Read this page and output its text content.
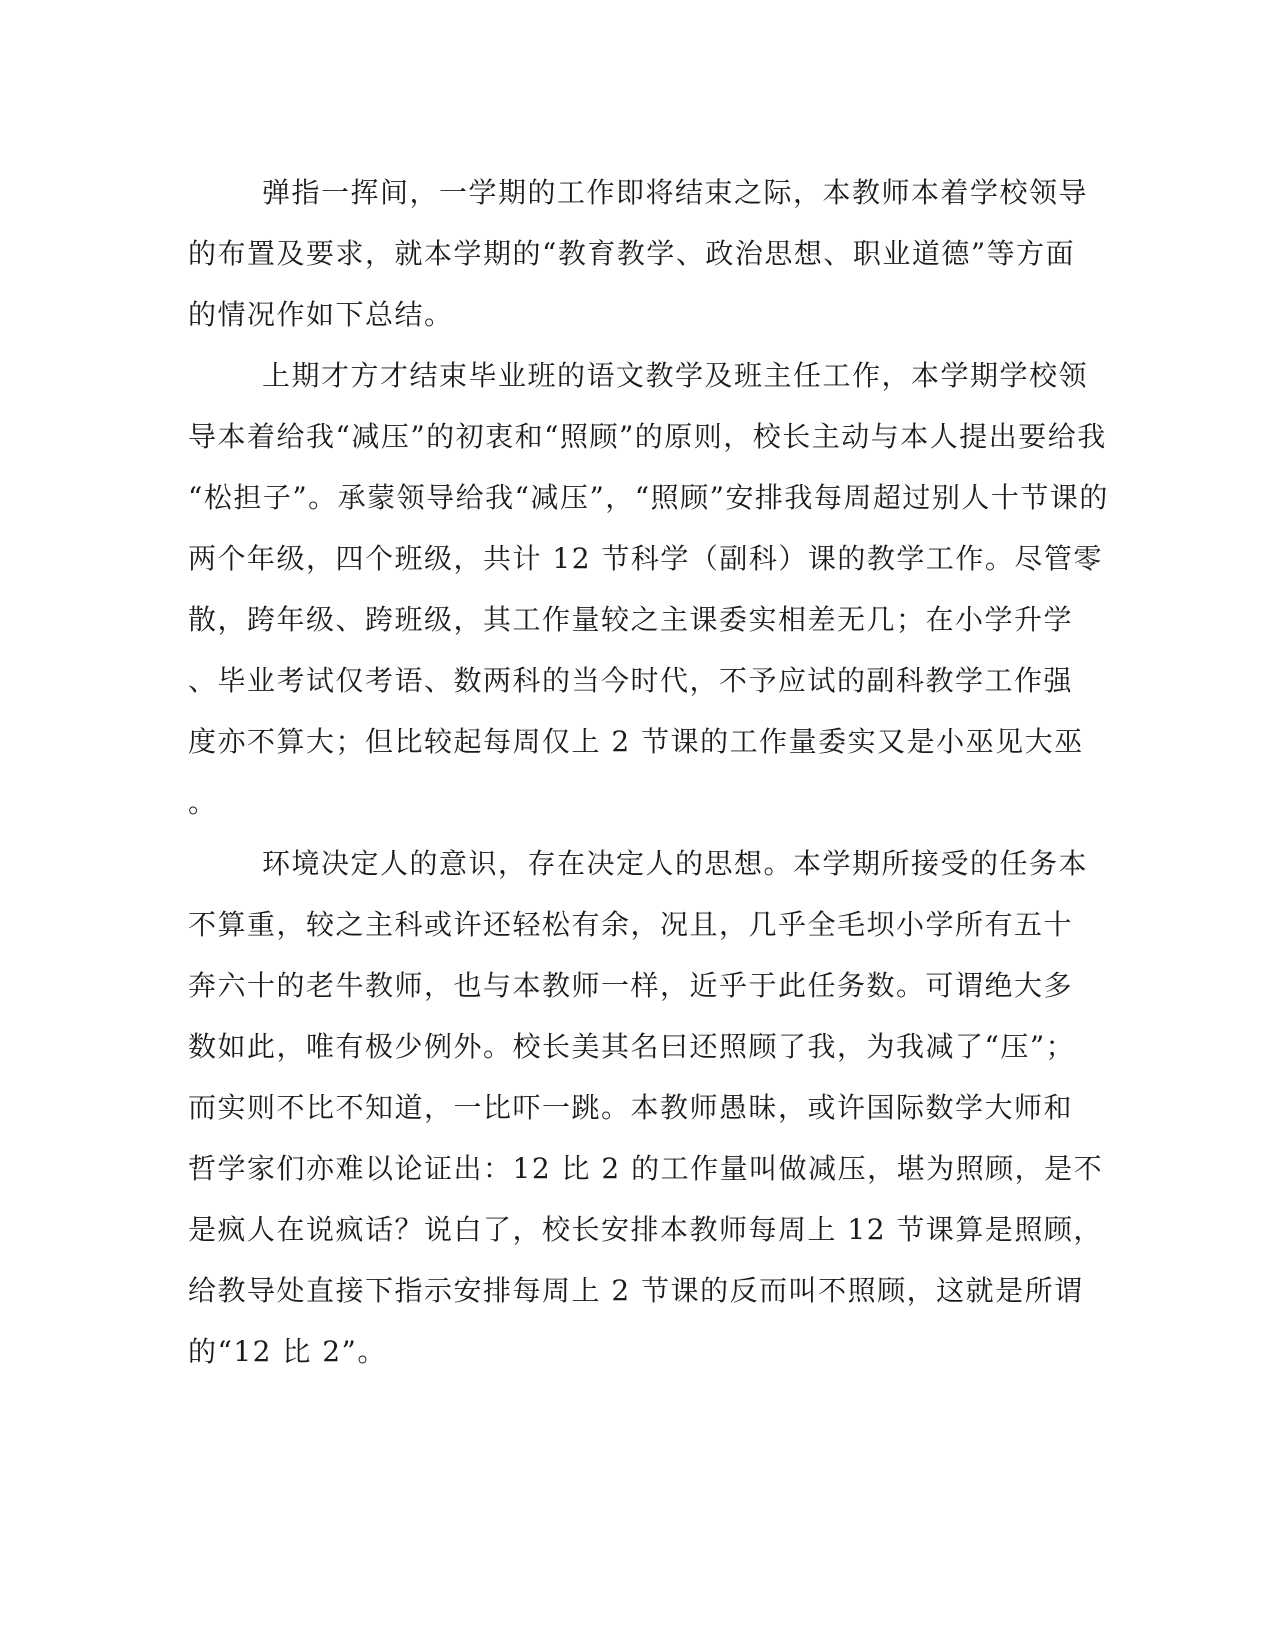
弹指一挥间，一学期的工作即将结束之际，本教师本着学校领导
的布置及要求，就本学期的“教育教学、政治思想、职业道德”等方面
的情况作如下总结。
上期才方才结束毕业班的语文教学及班主任工作，本学期学校领
导本着给我“减压”的初衷和“照顾”的原则，校长主动与本人提出要给我
“松担子”。承蒙领导给我“减压”，“照顾”安排我每周超过别人十节课的
两个年级，四个班级，共计 12 节科学（副科）课的教学工作。尽管零
散，跨年级、跨班级，其工作量较之主课委实相差无几；在小学升学
、毕业考试仅考语、数两科的当今时代，不予应试的副科教学工作强
度亦不算大；但比较起每周仅上 2 节课的工作量委实又是小巫见大巫
。
环境决定人的意识，存在决定人的思想。本学期所接受的任务本
不算重，较之主科或许还轻松有余，况且，几乎全毛坝小学所有五十
奔六十的老牛教师，也与本教师一样，近乎于此任务数。可谓绝大多
数如此，唯有极少例外。校长美其名曰还照顾了我，为我减了“压”；
而实则不比不知道，一比吓一跳。本教师愚昧，或许国际数学大师和
哲学家们亦难以论证出：12 比 2 的工作量叫做减压，堪为照顾，是不
是疯人在说疯话？说白了，校长安排本教师每周上 12 节课算是照顾，
给教导处直接下指示安排每周上 2 节课的反而叫不照顾，这就是所谓
的“12 比 2”。
